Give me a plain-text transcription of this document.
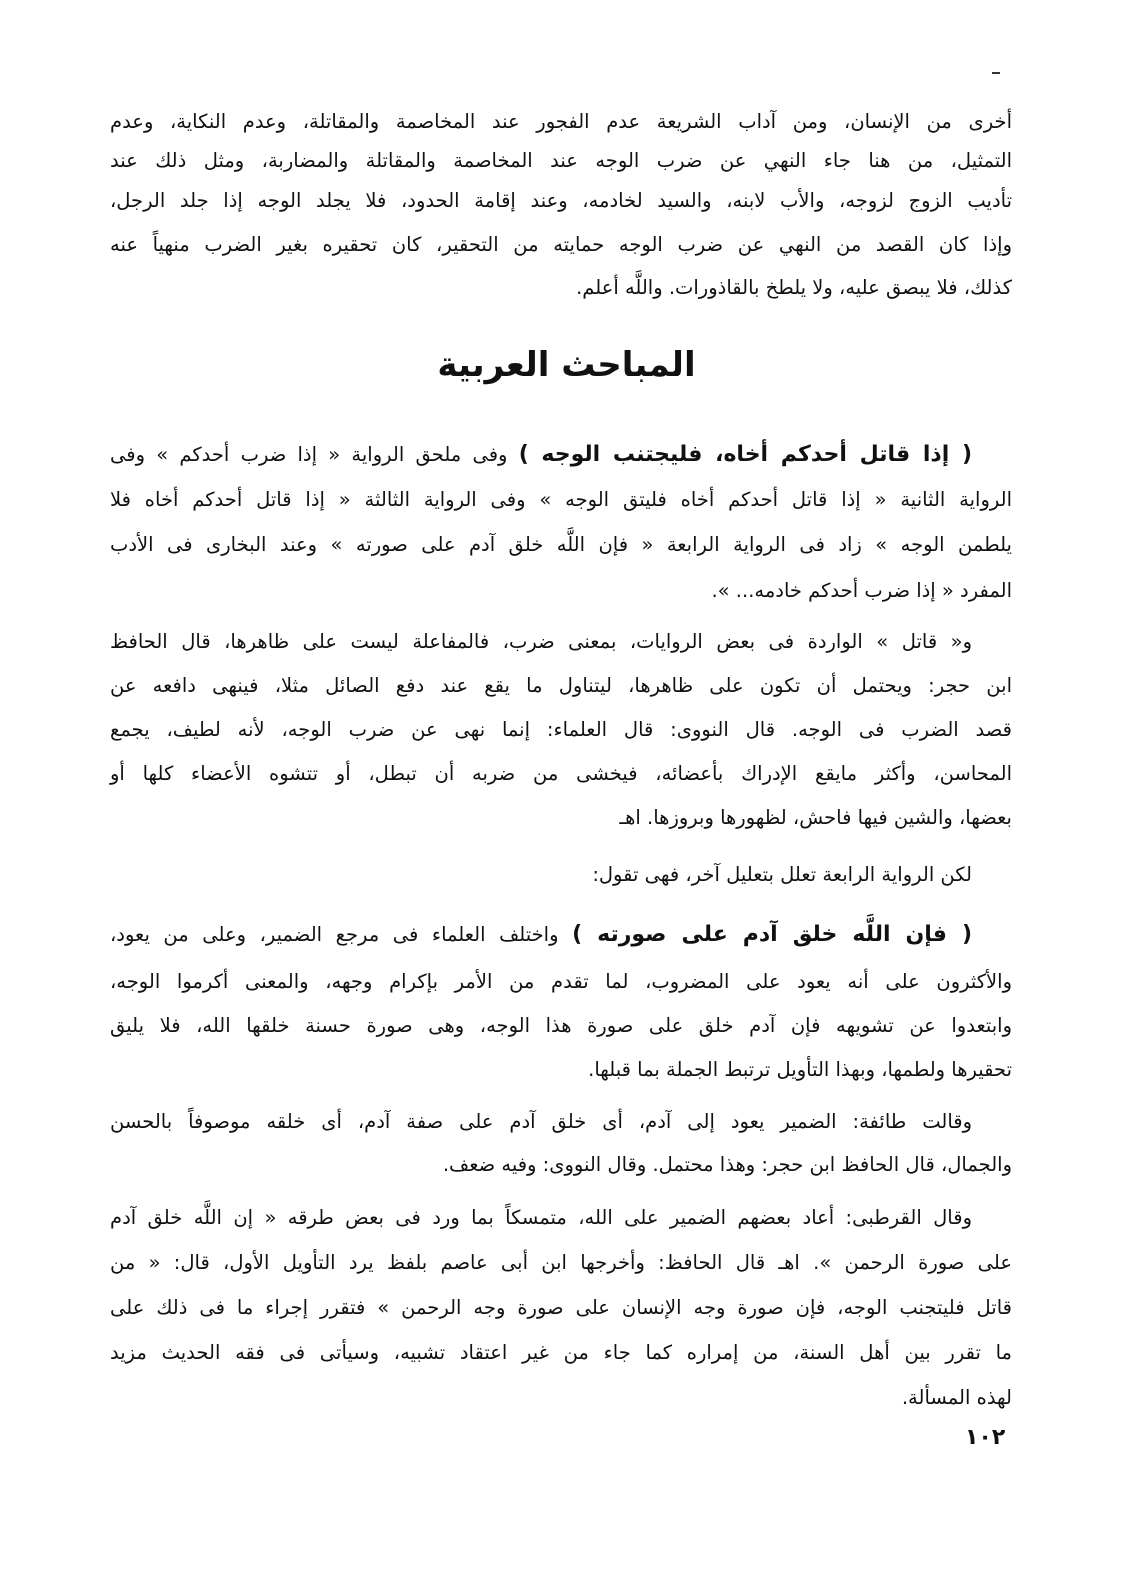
أخرى من الإنسان، ومن آداب الشريعة عدم الفجور عند المخاصمة والمقاتلة، وعدم النكاية، وعدم
التمثيل، من هنا جاء النهي عن ضرب الوجه عند المخاصمة والمقاتلة والمضاربة، ومثل ذلك عند
تأديب الزوج لزوجه، والأب لابنه، والسيد لخادمه، وعند إقامة الحدود، فلا يجلد الوجه إذا جلد الرجل،
وإذا كان القصد من النهي عن ضرب الوجه حمايته من التحقير، كان تحقيره بغير الضرب منهياً عنه
كذلك، فلا يبصق عليه، ولا يلطخ بالقاذورات. واللَّه أعلم.
المباحث العربية
( إذا قاتل أحدكم أخاه، فليجتنب الوجه ) وفى ملحق الرواية « إذا ضرب أحدكم » وفى
الرواية الثانية « إذا قاتل أحدكم أخاه فليتق الوجه » وفى الرواية الثالثة « إذا قاتل أحدكم أخاه فلا
يلطمن الوجه » زاد فى الرواية الرابعة « فإن اللَّه خلق آدم على صورته » وعند البخارى فى الأدب
المفرد « إذا ضرب أحدكم خادمه... ».
و« قاتل » الواردة فى بعض الروايات، بمعنى ضرب، فالمفاعلة ليست على ظاهرها، قال الحافظ
ابن حجر: ويحتمل أن تكون على ظاهرها، ليتناول ما يقع عند دفع الصائل مثلا، فينهى دافعه عن
قصد الضرب فى الوجه. قال النووى: قال العلماء: إنما نهى عن ضرب الوجه، لأنه لطيف، يجمع
المحاسن، وأكثر مايقع الإدراك بأعضائه، فيخشى من ضربه أن تبطل، أو تتشوه الأعضاء كلها أو
بعضها، والشين فيها فاحش، لظهورها وبروزها. اهـ
لكن الرواية الرابعة تعلل بتعليل آخر، فهى تقول:
( فإن اللَّه خلق آدم على صورته ) واختلف العلماء فى مرجع الضمير، وعلى من يعود،
والأكثرون على أنه يعود على المضروب، لما تقدم من الأمر بإكرام وجهه، والمعنى أكرموا الوجه،
وابتعدوا عن تشويهه فإن آدم خلق على صورة هذا الوجه، وهى صورة حسنة خلقها الله، فلا يليق
تحقيرها ولطمها، وبهذا التأويل ترتبط الجملة بما قبلها.
وقالت طائفة: الضمير يعود إلى آدم، أى خلق آدم على صفة آدم، أى خلقه موصوفاً بالحسن
والجمال، قال الحافظ ابن حجر: وهذا محتمل. وقال النووى: وفيه ضعف.
وقال القرطبى: أعاد بعضهم الضمير على الله، متمسكاً بما ورد فى بعض طرقه « إن اللَّه خلق آدم
على صورة الرحمن ». اهـ قال الحافظ: وأخرجها ابن أبى عاصم بلفظ يرد التأويل الأول، قال: « من
قاتل فليتجنب الوجه، فإن صورة وجه الإنسان على صورة وجه الرحمن » فتقرر إجراء ما فى ذلك على
ما تقرر بين أهل السنة، من إمراره كما جاء من غير اعتقاد تشبيه، وسيأتى فى فقه الحديث مزيد
لهذه المسألة.
١٠٢
